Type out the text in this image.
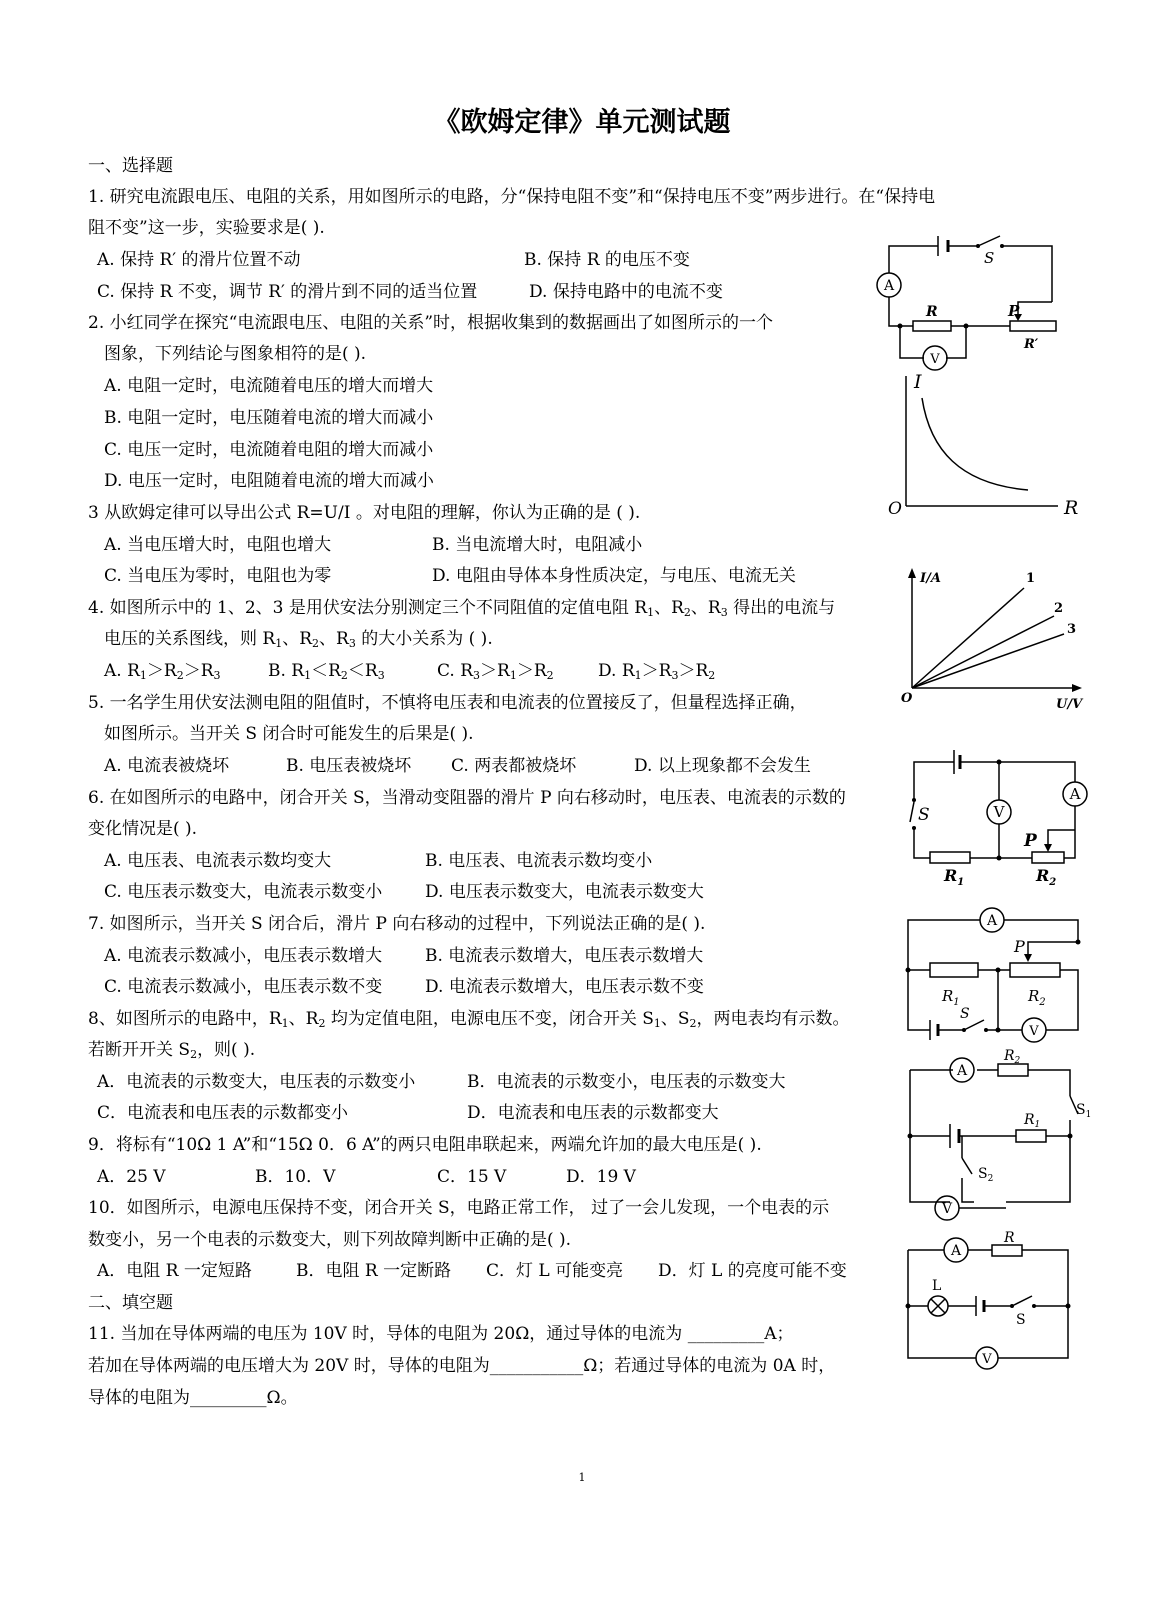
《欧姆定律》单元测试题
一、选择题
1. 研究电流跟电压、电阻的关系，用如图所示的电路，分“保持电阻不变”和“保持电压不变”两步进行。在“保持电
阻不变”这一步，实验要求是( ).
A. 保持 R′ 的滑片位置不动	B. 保持 R 的电压不变
C. 保持 R 不变，调节 R′ 的滑片到不同的适当位置	D. 保持电路中的电流不变
2. 小红同学在探究“电流跟电压、电阻的关系”时，根据收集到的数据画出了如图所示的一个
图象，下列结论与图象相符的是( ).
A. 电阻一定时，电流随着电压的增大而增大
B. 电阻一定时，电压随着电流的增大而减小
C. 电压一定时，电流随着电阻的增大而减小
D. 电压一定时，电阻随着电流的增大而减小
3 从欧姆定律可以导出公式 R=U/I 。对电阻的理解，你认为正确的是 ( ).
A. 当电压增大时，电阻也增大	B. 当电流增大时，电阻减小
C. 当电压为零时，电阻也为零	D. 电阻由导体本身性质决定，与电压、电流无关
4. 如图所示中的 1、2、3 是用伏安法分别测定三个不同阻值的定值电阻 $R_1$、$R_2$、$R_3$ 得出的电流与
电压的关系图线，则 $R_1$、$R_2$、$R_3$ 的大小关系为 ( ).
A. $R_1>R_2>R_3$	B. $R_1<R_2<R_3$	C. $R_3>R_1>R_2$	D. $R_1>R_3>R_2$
5. 一名学生用伏安法测电阻的阻值时，不慎将电压表和电流表的位置接反了，但量程选择正确，
如图所示。当开关 S 闭合时可能发生的后果是( ).
A. 电流表被烧坏	B. 电压表被烧坏 C. 两表都被烧坏	D. 以上现象都不会发生
6. 在如图所示的电路中，闭合开关 S，当滑动变阻器的滑片 P 向右移动时，电压表、电流表的示数的
变化情况是( ).
A. 电压表、电流表示数均变大	B. 电压表、电流表示数均变小
C. 电压表示数变大，电流表示数变小	D. 电压表示数变大，电流表示数变大
7. 如图所示，当开关 S 闭合后，滑片 P 向右移动的过程中，下列说法正确的是( ).
A. 电流表示数减小，电压表示数增大	B. 电流表示数增大，电压表示数增大
C. 电流表示数减小，电压表示数不变	D. 电流表示数增大，电压表示数不变
8、如图所示的电路中，$R_1$、$R_2$ 均为定值电阻，电源电压不变，闭合开关 $S_1$、$S_2$，两电表均有示数。
若断开开关 $S_2$，则( ).
A．电流表的示数变大，电压表的示数变小	B．电流表的示数变小，电压表的示数变大
C．电流表和电压表的示数都变小	D．电流表和电压表的示数都变大
9．将标有“10Ω 1 A”和“15Ω 0．6 A”的两只电阻串联起来，两端允许加的最大电压是( ).
A．25 V	B．10．V	C．15 V	D．19 V
10．如图所示，电源电压保持不变，闭合开关 S，电路正常工作， 过了一会儿发现，一个电表的示
数变小，另一个电表的示数变大，则下列故障判断中正确的是( ).
A．电阻 R 一定短路	B．电阻 R 一定断路 C．灯 L 可能变亮 D．灯 L 的亮度可能不变
二、填空题
11. 当加在导体两端的电压为 10V 时，导体的电阻为 20Ω，通过导体的电流为 _________A；
若加在导体两端的电压增大为 20V 时，导体的电阻为___________Ω；若通过导体的电流为 0A 时，
导体的电阻为_________Ω。
1
S
A
R	P
R′
V
I
O	R
I/A
O	U/V
1
2
3
S	V
A
P
$R_1$	$R_2$
A
P
$R_1$	$R_2$
S
V
A
$R_2$
$R_1$
$S_1$
$S_2$
V
A
R
L
S
V
